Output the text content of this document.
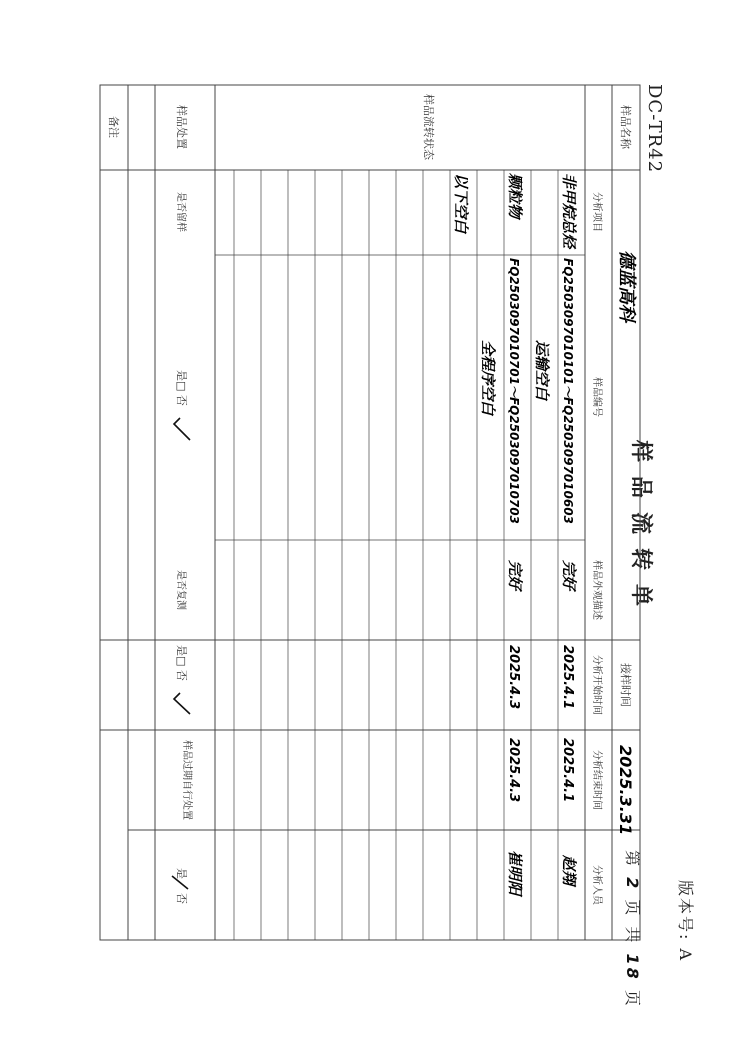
DC-TR42
样品流转单
版本号: A
第 2 页 共 18 页
样品名称
德蓝高科
接样时间
2025.3.31
分析项目
样品编号
样品外观描述
分析开始时间
分析结束时间
分析人员
非甲烷总烃
FQ2503097010101～FQ2503097010603
完好
2025.4.1
2025.4.1
赵翔
运输空白
颗粒物
FQ2503097010701～FQ2503097010703
完好
2025.4.3
2025.4.3
崔明阳
全程序空白
以下空白
样品流转状态
样品处置
是否留样
是□ 否
是否复测
是□ 否
样品过期自行处置
是
否
备注
